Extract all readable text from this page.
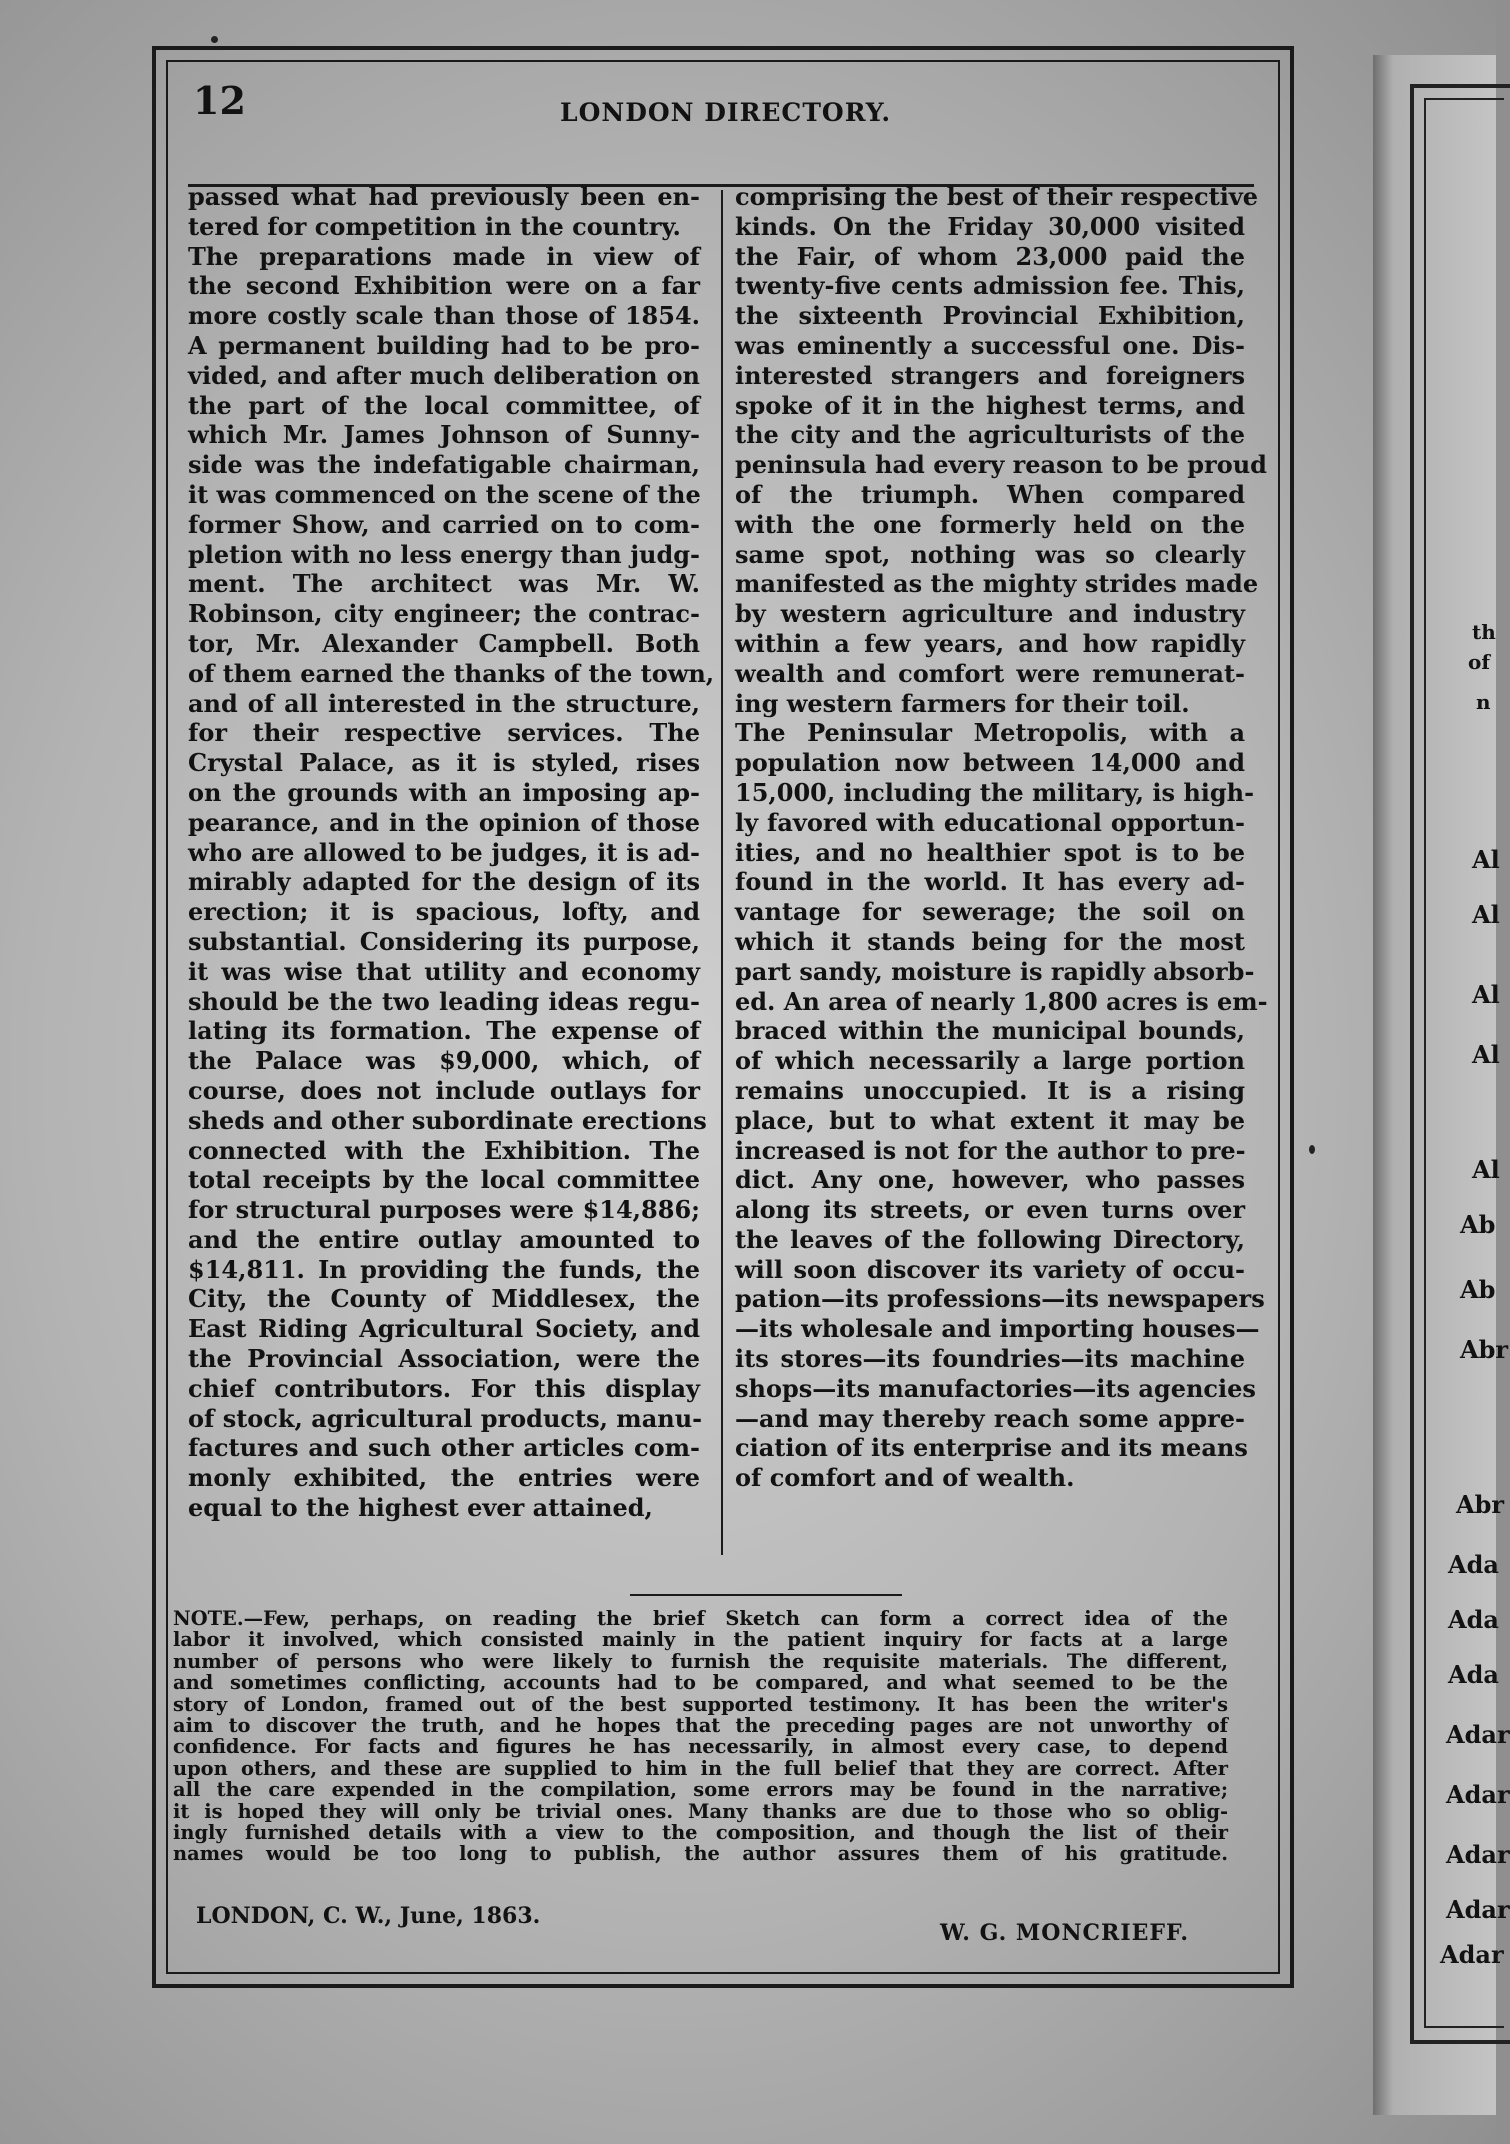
th
of
n
Al
Al
Al
Al
Al
Ab
Ab
Abr
Abr
Ada
Ada
Ada
Adar
Adar
Adar
Adar
Adar
12	LONDON DIRECTORY.
passed what had previously been en-
tered for competition in the country.
The preparations made in view of
the second Exhibition were on a far
more costly scale than those of 1854.
A permanent building had to be pro-
vided, and after much deliberation on
the part of the local committee, of
which Mr. James Johnson of Sunny-
side was the indefatigable chairman,
it was commenced on the scene of the
former Show, and carried on to com-
pletion with no less energy than judg-
ment. The architect was Mr. W.
Robinson, city engineer; the contrac-
tor, Mr. Alexander Campbell. Both
of them earned the thanks of the town,
and of all interested in the structure,
for their respective services. The
Crystal Palace, as it is styled, rises
on the grounds with an imposing ap-
pearance, and in the opinion of those
who are allowed to be judges, it is ad-
mirably adapted for the design of its
erection; it is spacious, lofty, and
substantial. Considering its purpose,
it was wise that utility and economy
should be the two leading ideas regu-
lating its formation. The expense of
the Palace was $9,000, which, of
course, does not include outlays for
sheds and other subordinate erections
connected with the Exhibition. The
total receipts by the local committee
for structural purposes were $14,886;
and the entire outlay amounted to
$14,811. In providing the funds, the
City, the County of Middlesex, the
East Riding Agricultural Society, and
the Provincial Association, were the
chief contributors. For this display
of stock, agricultural products, manu-
factures and such other articles com-
monly exhibited, the entries were
equal to the highest ever attained,
comprising the best of their respective
kinds. On the Friday 30,000 visited
the Fair, of whom 23,000 paid the
twenty-five cents admission fee. This,
the sixteenth Provincial Exhibition,
was eminently a successful one. Dis-
interested strangers and foreigners
spoke of it in the highest terms, and
the city and the agriculturists of the
peninsula had every reason to be proud
of the triumph. When compared
with the one formerly held on the
same spot, nothing was so clearly
manifested as the mighty strides made
by western agriculture and industry
within a few years, and how rapidly
wealth and comfort were remunerat-
ing western farmers for their toil.
The Peninsular Metropolis, with a
population now between 14,000 and
15,000, including the military, is high-
ly favored with educational opportun-
ities, and no healthier spot is to be
found in the world. It has every ad-
vantage for sewerage; the soil on
which it stands being for the most
part sandy, moisture is rapidly absorb-
ed. An area of nearly 1,800 acres is em-
braced within the municipal bounds,
of which necessarily a large portion
remains unoccupied. It is a rising
place, but to what extent it may be
increased is not for the author to pre-
dict. Any one, however, who passes
along its streets, or even turns over
the leaves of the following Directory,
will soon discover its variety of occu-
pation—its professions—its newspapers
—its wholesale and importing houses—
its stores—its foundries—its machine
shops—its manufactories—its agencies
—and may thereby reach some appre-
ciation of its enterprise and its means
of comfort and of wealth.
NOTE.—Few, perhaps, on reading the brief Sketch can form a correct idea of the
labor it involved, which consisted mainly in the patient inquiry for facts at a large
number of persons who were likely to furnish the requisite materials. The different,
and sometimes conflicting, accounts had to be compared, and what seemed to be the
story of London, framed out of the best supported testimony. It has been the writer's
aim to discover the truth, and he hopes that the preceding pages are not unworthy of
confidence. For facts and figures he has necessarily, in almost every case, to depend
upon others, and these are supplied to him in the full belief that they are correct. After
all the care expended in the compilation, some errors may be found in the narrative;
it is hoped they will only be trivial ones. Many thanks are due to those who so oblig-
ingly furnished details with a view to the composition, and though the list of their
names would be too long to publish, the author assures them of his gratitude.
LONDON, C. W., June, 1863.
W. G. MONCRIEFF.
